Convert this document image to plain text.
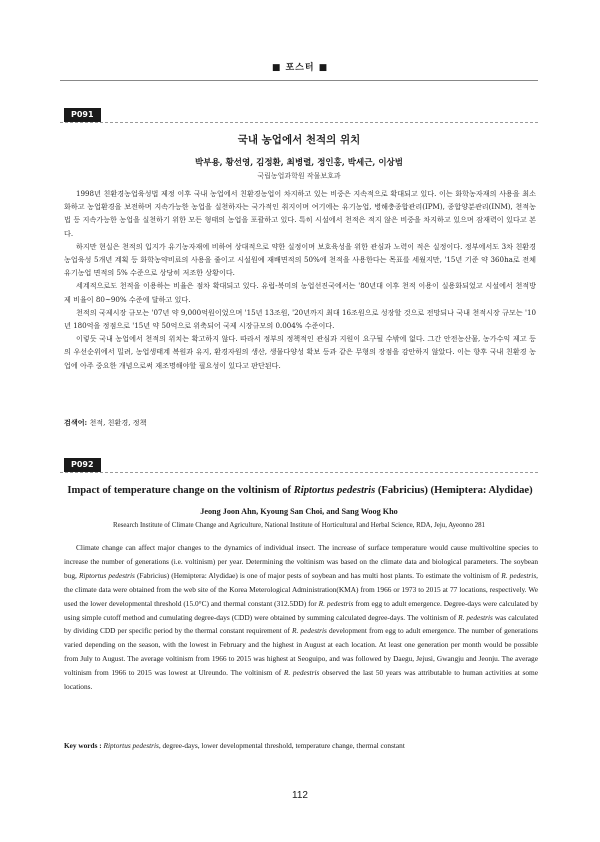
■ 포스터 ■
P091
국내 농업에서 천적의 위치
박부용, 황선영, 김정환, 최병렬, 정인홍, 박세근, 이상범
국립농업과학원 작물보호과

1998년 친환경농업육성법 제정 이후 국내 농업에서 친환경농업이 차지하고 있는 비중은 지속적으로 확대되고 있다. 이는 화학농자재의 사용을 최소화하고 농업환경을 보전하며 지속가능한 농업을 실천하자는 국가적인 취지이며 여기에는 유기농업, 병해충종합관리(IPM), 종합양분관리(INM), 천적농법 등 지속가능한 농업을 실천하기 위한 모든 형태의 농업을 포괄하고 있다. 특히 시설에서 천적은 적지 않은 비중을 차지하고 있으며 잠재력이 있다고 본다.

하지만 현실은 천적의 입지가 유기농자재에 비하여 상대적으로 약한 실정이며 보호육성을 위한 관심과 노력이 적은 실정이다. 정부에서도 3차 친환경농업육성 5개년 계획 등 화학농약비료의 사용을 줄이고 시설원예 재배면적의 50%에 천적을 사용한다는 목표를 세웠지만, '15년 기준 약 360ha로 전체 유기농업 면적의 5% 수준으로 상당히 저조한 상황이다.

세계적으로도 천적을 이용하는 비율은 점차 확대되고 있다. 유럽-북미의 농업선진국에서는 '80년대 이후 천적 이용이 실용화되었고 시설에서 천적방제 비율이 80~90% 수준에 달하고 있다.

천적의 국제시장 규모는 '07년 약 9,000억원이었으며 '15년 13조원, '20년까지 최대 16조원으로 성장할 것으로 전망되나 국내 천적시장 규모는 '10년 180억을 정점으로 '15년 약 50억으로 위축되어 국제 시장규모의 0.004% 수준이다.

이렇듯 국내 농업에서 천적의 위치는 확고하지 않다. 따라서 정부의 정책적인 관심과 지원이 요구될 수밖에 없다. 그간 안전농산물, 농가수익 제고 등의 우선순위에서 밀려, 농업생태계 복원과 유지, 환경자원의 생산, 생물다양성 확보 등과 같은 무형의 장점을 감안하지 않았다. 이는 향후 국내 친환경 농업에 아주 중요한 개념으로써 재조명해야할 필요성이 있다고 판단된다.

검색어: 천적, 친환경, 정책
P092
Impact of temperature change on the voltinism of Riptortus pedestris (Fabricius) (Hemiptera: Alydidae)
Jeong Joon Ahn, Kyoung San Choi, and Sang Woog Kho
Research Institute of Climate Change and Agriculture, National Institute of Horticultural and Herbal Science, RDA, Jeju, Ayeonno 281

Climate change can affect major changes to the dynamics of individual insect. The increase of surface temperature would cause multivoltine species to increase the number of generations (i.e. voltinism) per year. Determining the voltinism was based on the climate data and biological parameters. The soybean bug, Riptortus pedestris (Fabricius) (Hemiptera: Alydidae) is one of major pests of soybean and has multi host plants. To estimate the voltinism of R. pedestris, the climate data were obtained from the web site of the Korea Meterological Administration(KMA) from 1966 or 1973 to 2015 at 77 locations, respectively. We used the lower developmental threshold (15.0°C) and thermal constant (312.5DD) for R. pedestris from egg to adult emergence. Degree-days were calculated by using simple cutoff method and cumulating degree-days (CDD) were obtained by summing calculated degree-days. The voltinism of R. pedestris was calculated by dividing CDD per specific period by the thermal constant requirement of R. pedestris development from egg to adult emergence. The number of generations varied depending on the season, with the lowest in February and the highest in August at each location. At least one generation per month would be possible from July to August. The average voltinism from 1966 to 2015 was highest at Seoguipo, and was followed by Daegu, Jejusi, Gwangju and Jeonju. The average voltinism from 1966 to 2015 was lowest at Ulreundo. The voltinism of R. pedestris observed the last 50 years was attributable to human activities at some locations.

Key words : Riptortus pedestris, degree-days, lower developmental threshold, temperature change, thermal constant
112
